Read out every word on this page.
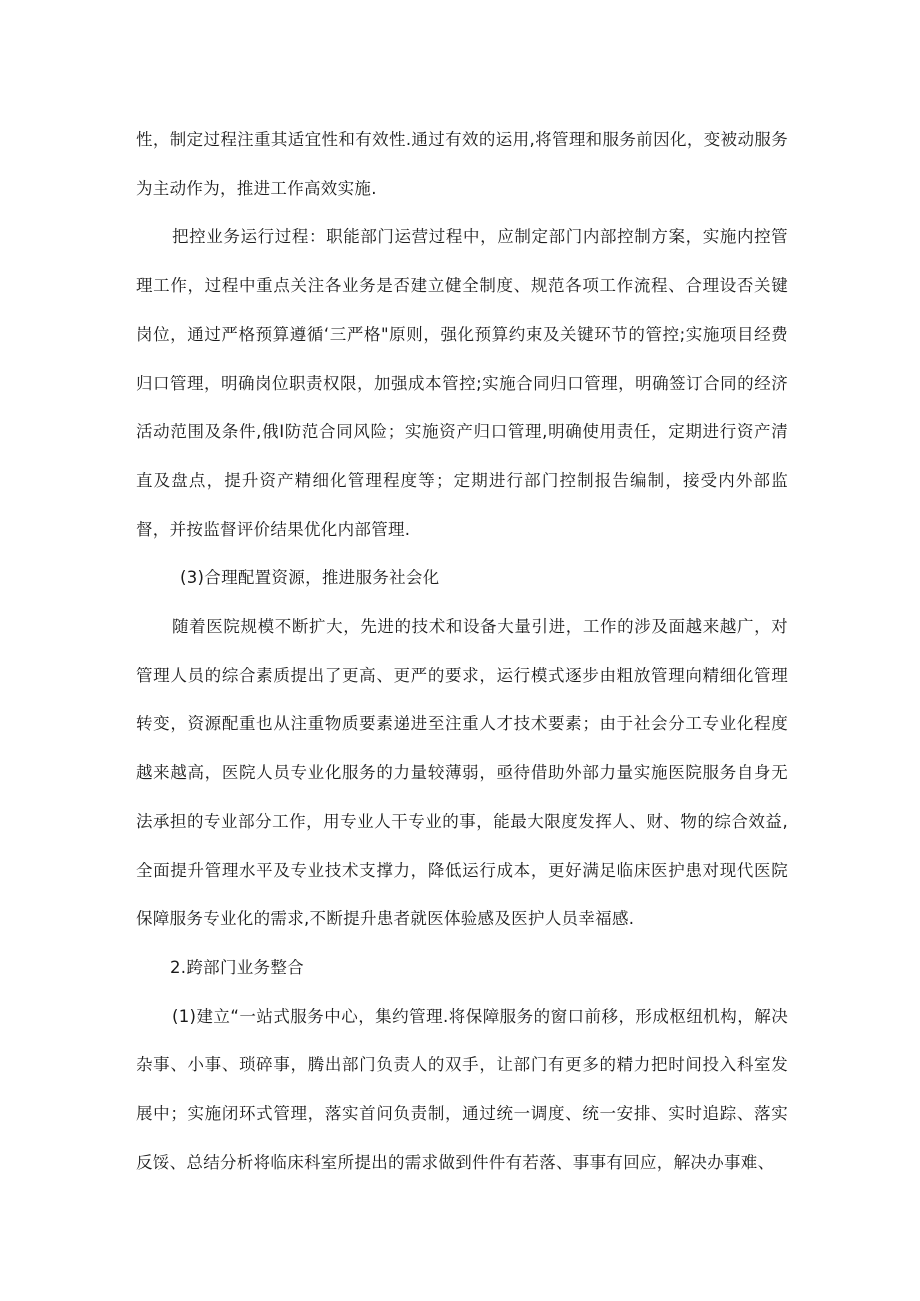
性，制定过程注重其适宜性和有效性.通过有效的运用,将管理和服务前因化，变被动服务为主动作为，推进工作高效实施.

把控业务运行过程：职能部门运营过程中，应制定部门内部控制方案，实施内控管理工作，过程中重点关注各业务是否建立健全制度、规范各项工作流程、合理设否关键岗位，通过严格预算遵循‘三严格"原则，强化预算约束及关键环节的管控;实施项目经费归口管理，明确岗位职责权限，加强成本管控;实施合同归口管理，明确签订合同的经济活动范围及条件,俄Ⅰ防范合同风险；实施资产归口管理,明确使用责任，定期进行资产清直及盘点，提升资产精细化管理程度等；定期进行部门控制报告编制，接受内外部监督，并按监督评价结果优化内部管理.

(3)合理配置资源，推进服务社会化

随着医院规模不断扩大，先进的技术和设备大量引进，工作的涉及面越来越广，对管理人员的综合素质提出了更高、更严的要求，运行模式逐步由粗放管理向精细化管理转变，资源配重也从注重物质要素递进至注重人才技术要素；由于社会分工专业化程度越来越高，医院人员专业化服务的力量较薄弱，亟待借助外部力量实施医院服务自身无法承担的专业部分工作，用专业人干专业的事，能最大限度发挥人、财、物的综合效益,全面提升管理水平及专业技术支撑力，降低运行成本，更好满足临床医护患对现代医院保障服务专业化的需求,不断提升患者就医体验感及医护人员幸福感.

2.跨部门业务整合

(1)建立“一站式服务中心，集约管理.将保障服务的窗口前移，形成枢纽机构，解决杂事、小事、琐碎事，腾出部门负责人的双手，让部门有更多的精力把时间投入科室发展中；实施闭环式管理，落实首问负责制，通过统一调度、统一安排、实时追踪、落实反馁、总结分析将临床科室所提出的需求做到件件有若落、事事有回应，解决办事难、
